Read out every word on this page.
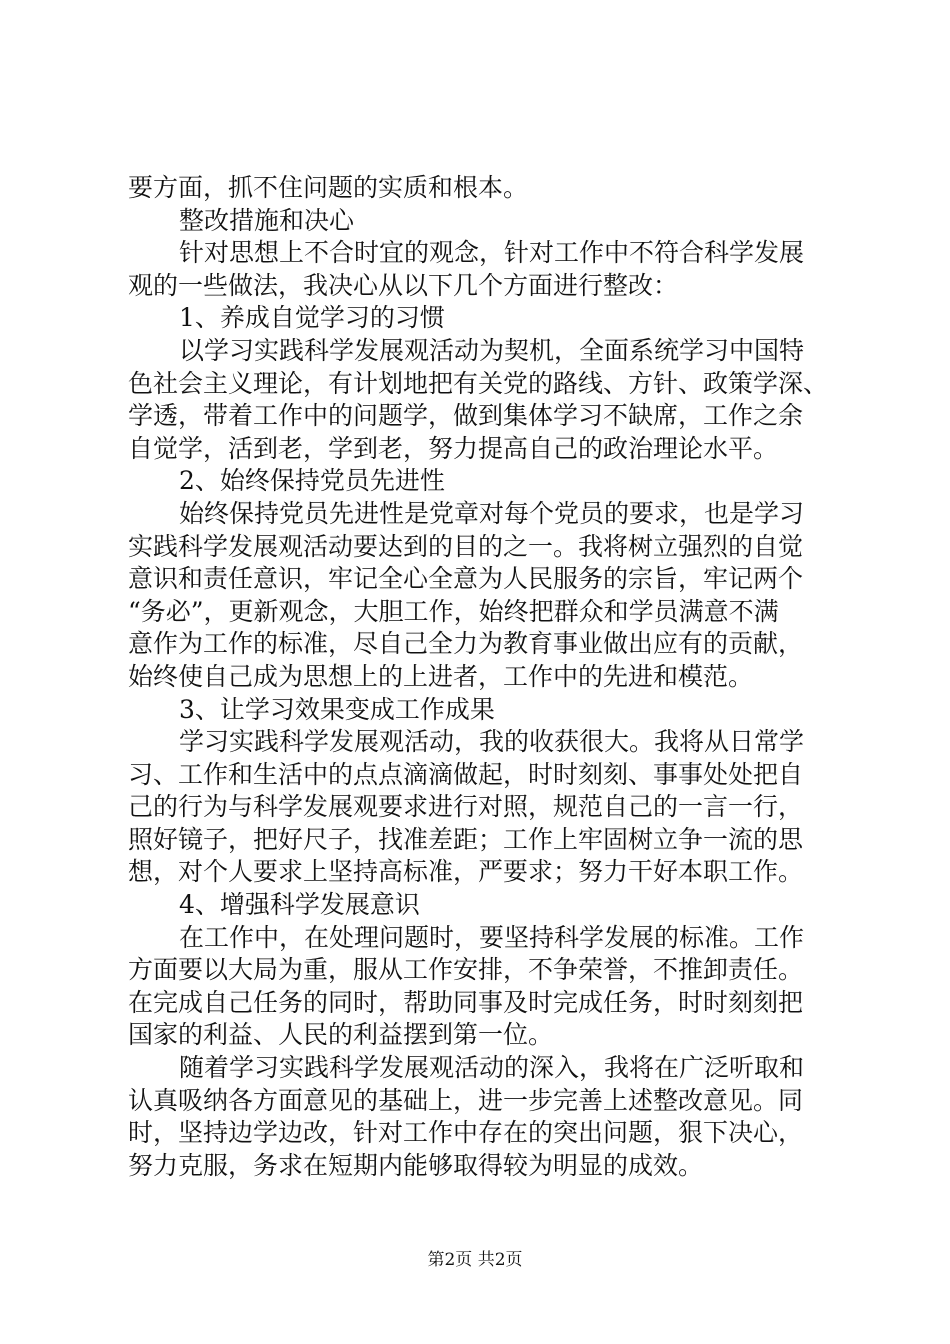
要方面，抓不住问题的实质和根本。
整改措施和决心
针对思想上不合时宜的观念，针对工作中不符合科学发展
观的一些做法，我决心从以下几个方面进行整改：
1、养成自觉学习的习惯
以学习实践科学发展观活动为契机，全面系统学习中国特
色社会主义理论，有计划地把有关党的路线、方针、政策学深、
学透，带着工作中的问题学，做到集体学习不缺席，工作之余
自觉学，活到老，学到老，努力提高自己的政治理论水平。
2、始终保持党员先进性
始终保持党员先进性是党章对每个党员的要求，也是学习
实践科学发展观活动要达到的目的之一。我将树立强烈的自觉
意识和责任意识，牢记全心全意为人民服务的宗旨，牢记两个
“务必”，更新观念，大胆工作，始终把群众和学员满意不满
意作为工作的标准，尽自己全力为教育事业做出应有的贡献，
始终使自己成为思想上的上进者，工作中的先进和模范。
3、让学习效果变成工作成果
学习实践科学发展观活动，我的收获很大。我将从日常学
习、工作和生活中的点点滴滴做起，时时刻刻、事事处处把自
己的行为与科学发展观要求进行对照，规范自己的一言一行，
照好镜子，把好尺子，找准差距；工作上牢固树立争一流的思
想，对个人要求上坚持高标准，严要求；努力干好本职工作。
4、增强科学发展意识
在工作中，在处理问题时，要坚持科学发展的标准。工作
方面要以大局为重，服从工作安排，不争荣誉，不推卸责任。
在完成自己任务的同时，帮助同事及时完成任务，时时刻刻把
国家的利益、人民的利益摆到第一位。
随着学习实践科学发展观活动的深入，我将在广泛听取和
认真吸纳各方面意见的基础上，进一步完善上述整改意见。同
时，坚持边学边改，针对工作中存在的突出问题，狠下决心，
努力克服，务求在短期内能够取得较为明显的成效。
第2页 共2页
